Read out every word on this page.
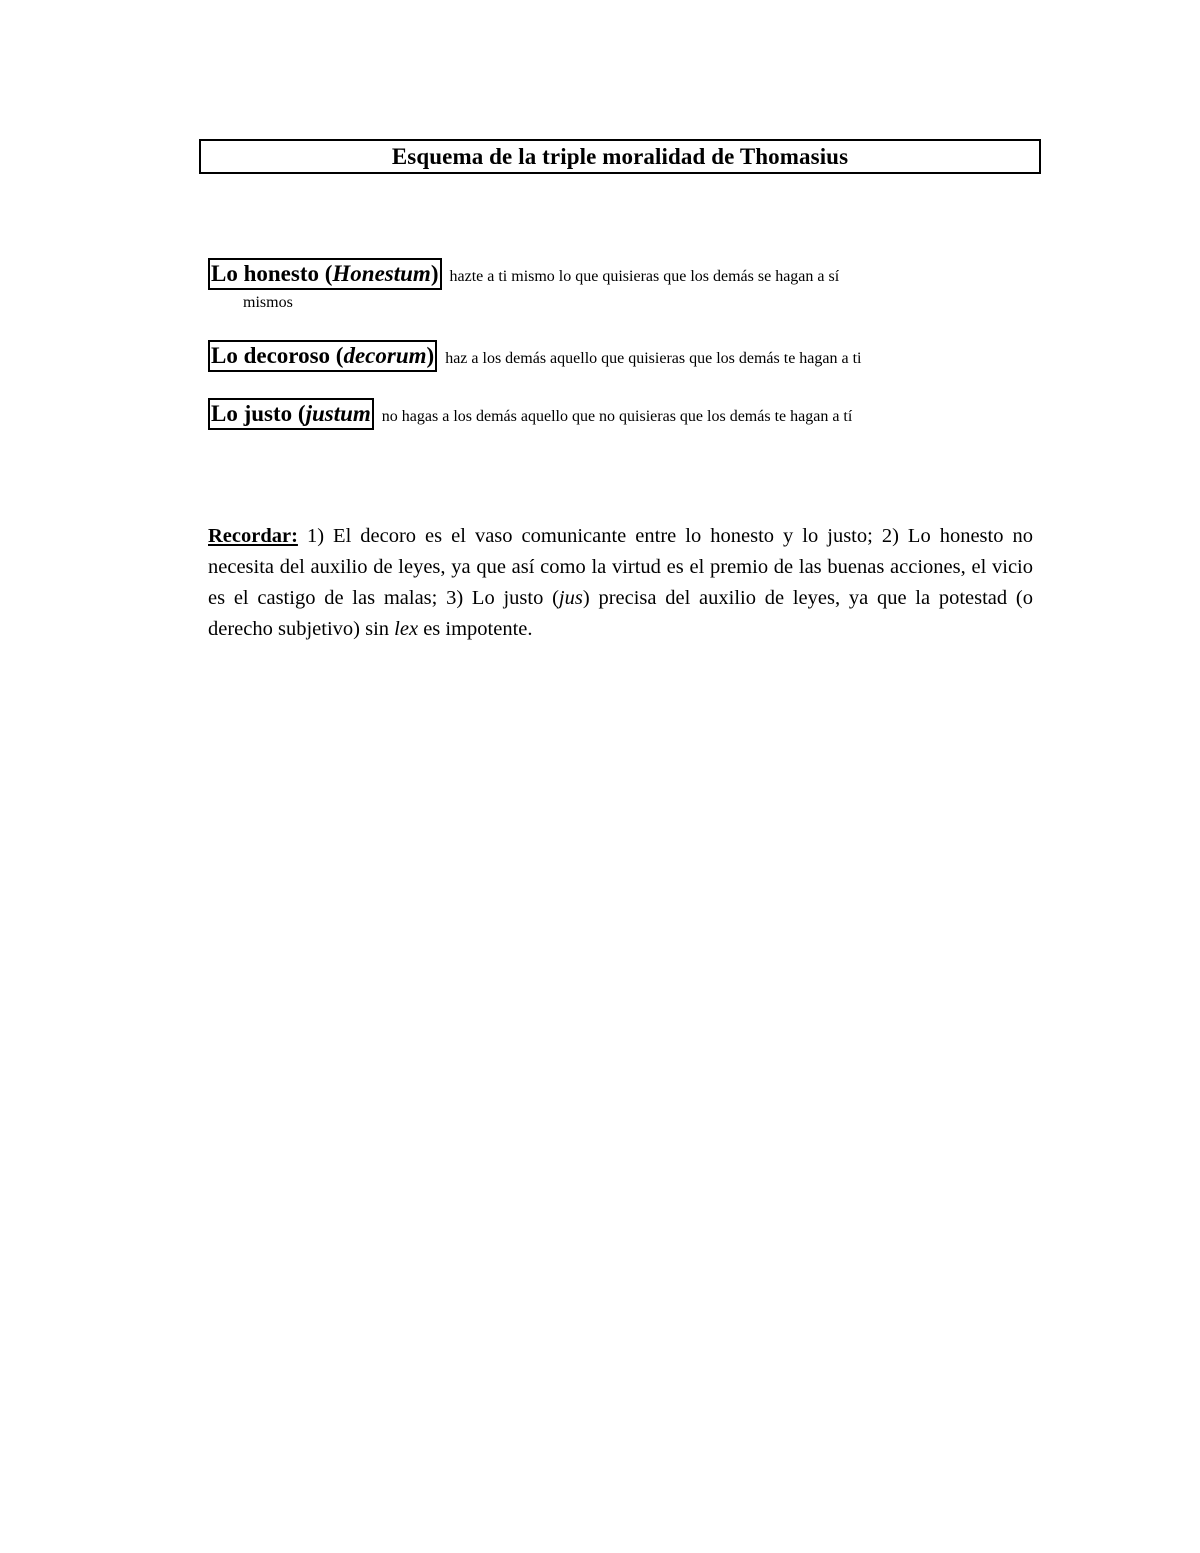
Esquema de la triple moralidad de Thomasius
Lo honesto (Honestum) hazte a ti mismo lo que quisieras que los demás se hagan a sí
mismos
Lo decoroso (decorum) haz a los demás aquello que quisieras que los demás te hagan a ti
Lo justo (justum no hagas a los demás aquello que no quisieras que los demás te hagan a tí

Recordar: 1) El decoro es el vaso comunicante entre lo honesto y lo justo; 2) Lo honesto no necesita del auxilio de leyes, ya que así como la virtud es el premio de las buenas acciones, el vicio es el castigo de las malas; 3) Lo justo (jus) precisa del auxilio de leyes, ya que la potestad (o derecho subjetivo) sin lex es impotente.
